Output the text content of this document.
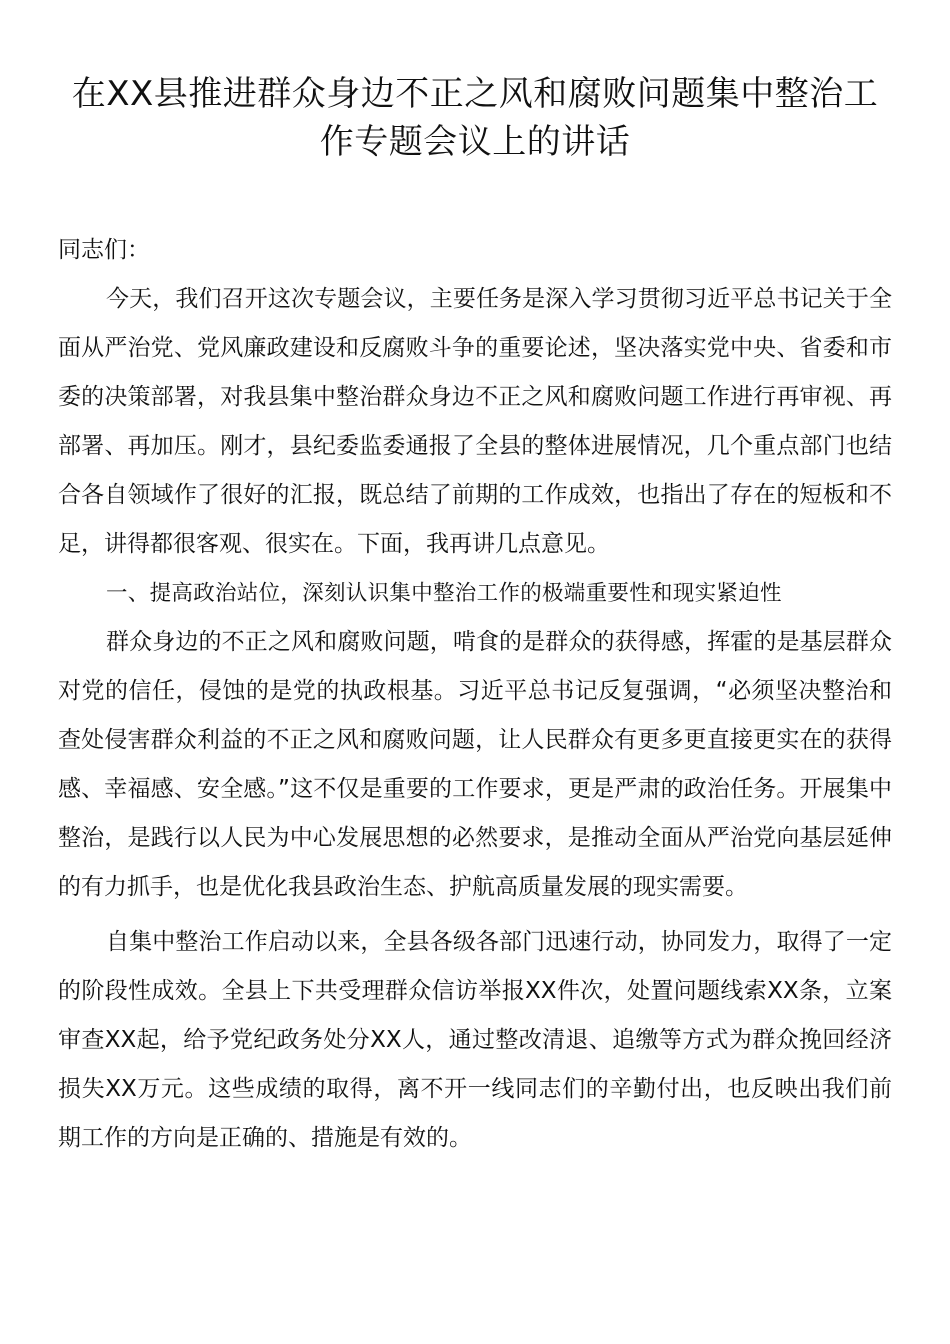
在XX县推进群众身边不正之风和腐败问题集中整治工作专题会议上的讲话
同志们：

今天，我们召开这次专题会议，主要任务是深入学习贯彻习近平总书记关于全面从严治党、党风廉政建设和反腐败斗争的重要论述，坚决落实党中央、省委和市委的决策部署，对我县集中整治群众身边不正之风和腐败问题工作进行再审视、再部署、再加压。刚才，县纪委监委通报了全县的整体进展情况，几个重点部门也结合各自领域作了很好的汇报，既总结了前期的工作成效，也指出了存在的短板和不足，讲得都很客观、很实在。下面，我再讲几点意见。

一、提高政治站位，深刻认识集中整治工作的极端重要性和现实紧迫性

群众身边的不正之风和腐败问题，啃食的是群众的获得感，挥霍的是基层群众对党的信任，侵蚀的是党的执政根基。习近平总书记反复强调，“必须坚决整治和查处侵害群众利益的不正之风和腐败问题，让人民群众有更多更直接更实在的获得感、幸福感、安全感。”这不仅是重要的工作要求，更是严肃的政治任务。开展集中整治，是践行以人民为中心发展思想的必然要求，是推动全面从严治党向基层延伸的有力抓手，也是优化我县政治生态、护航高质量发展的现实需要。

自集中整治工作启动以来，全县各级各部门迅速行动，协同发力，取得了一定的阶段性成效。全县上下共受理群众信访举报XX件次，处置问题线索XX条，立案审查XX起，给予党纪政务处分XX人，通过整改清退、追缴等方式为群众挽回经济损失XX万元。这些成绩的取得，离不开一线同志们的辛勤付出，也反映出我们前期工作的方向是正确的、措施是有效的。
